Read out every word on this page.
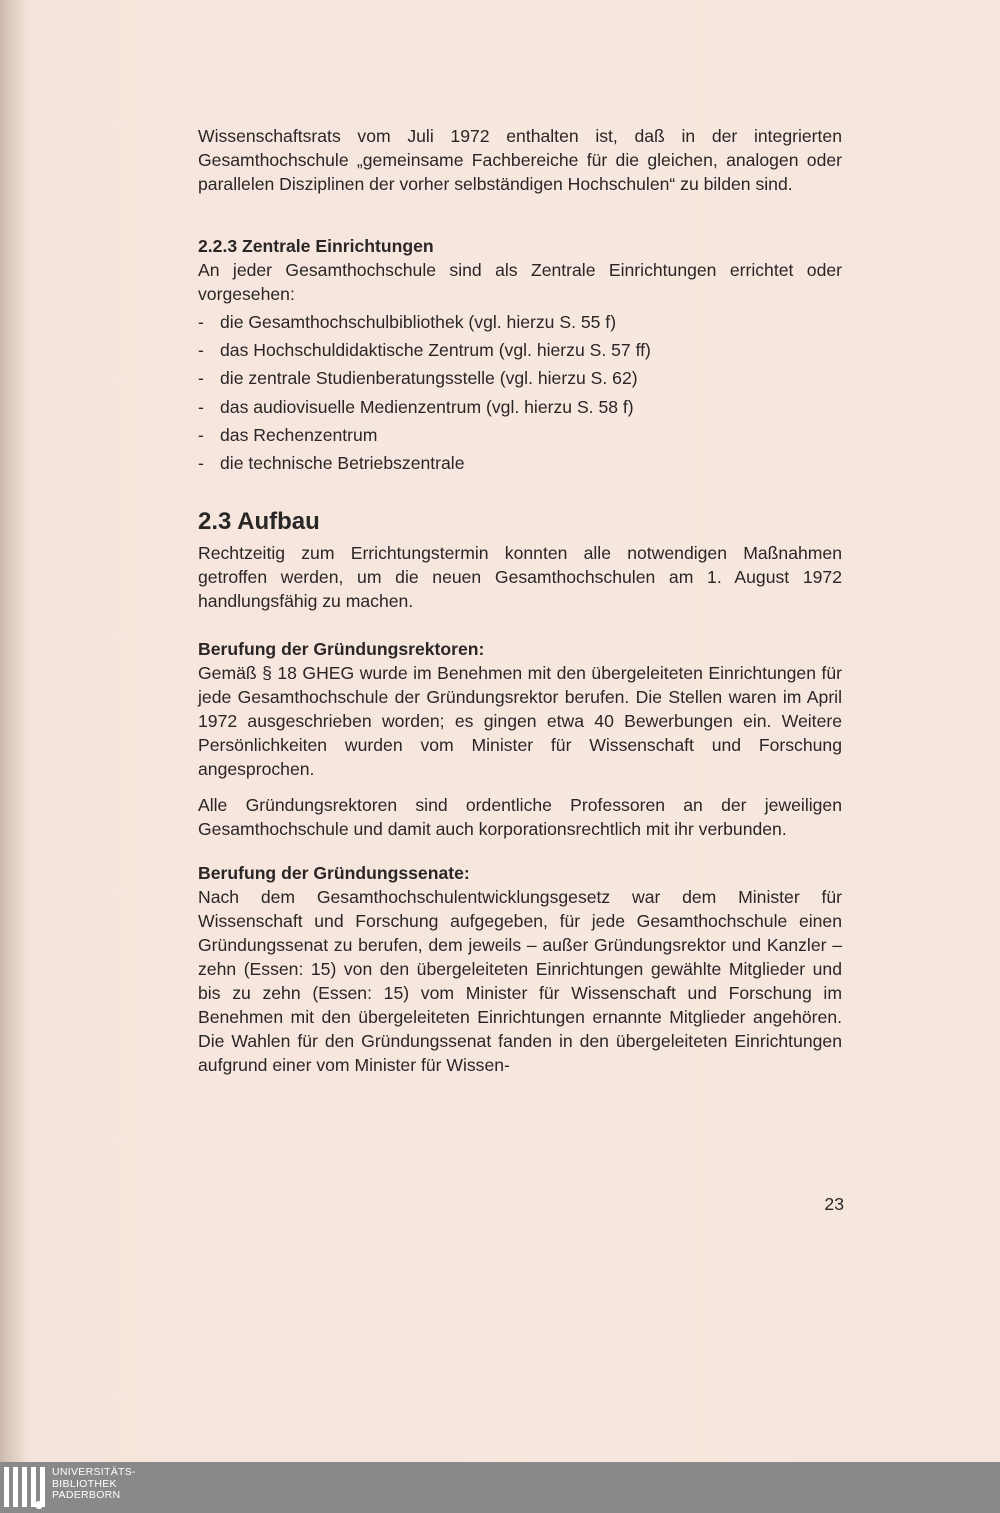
Wissenschaftsrats vom Juli 1972 enthalten ist, daß in der integrierten Gesamthochschule „gemeinsame Fachbereiche für die gleichen, analogen oder parallelen Disziplinen der vorher selbständigen Hochschulen“ zu bilden sind.

2.2.3 Zentrale Einrichtungen

An jeder Gesamthochschule sind als Zentrale Einrichtungen errichtet oder vorgesehen:

- die Gesamthochschulbibliothek (vgl. hierzu S. 55 f)
- das Hochschuldidaktische Zentrum (vgl. hierzu S. 57 ff)
- die zentrale Studienberatungsstelle (vgl. hierzu S. 62)
- das audiovisuelle Medienzentrum (vgl. hierzu S. 58 f)
- das Rechenzentrum
- die technische Betriebszentrale
2.3 Aufbau

Rechtzeitig zum Errichtungstermin konnten alle notwendigen Maßnahmen getroffen werden, um die neuen Gesamthochschulen am 1. August 1972 handlungsfähig zu machen.

Berufung der Gründungsrektoren:

Gemäß § 18 GHEG wurde im Benehmen mit den übergeleiteten Einrichtungen für jede Gesamthochschule der Gründungsrektor berufen. Die Stellen waren im April 1972 ausgeschrieben worden; es gingen etwa 40 Bewerbungen ein. Weitere Persönlichkeiten wurden vom Minister für Wissenschaft und Forschung angesprochen.

Alle Gründungsrektoren sind ordentliche Professoren an der jeweiligen Gesamthochschule und damit auch korporationsrechtlich mit ihr verbunden.

Berufung der Gründungssenate:

Nach dem Gesamthochschulentwicklungsgesetz war dem Minister für Wissenschaft und Forschung aufgegeben, für jede Gesamthochschule einen Gründungssenat zu berufen, dem jeweils – außer Gründungsrektor und Kanzler – zehn (Essen: 15) von den übergeleiteten Einrichtungen gewählte Mitglieder und bis zu zehn (Essen: 15) vom Minister für Wissenschaft und Forschung im Benehmen mit den übergeleiteten Einrichtungen ernannte Mitglieder angehören. Die Wahlen für den Gründungssenat fanden in den übergeleiteten Einrichtungen aufgrund einer vom Minister für Wissen-

23
UNIVERSITÄTS-
BIBLIOTHEK
PADERBORN
